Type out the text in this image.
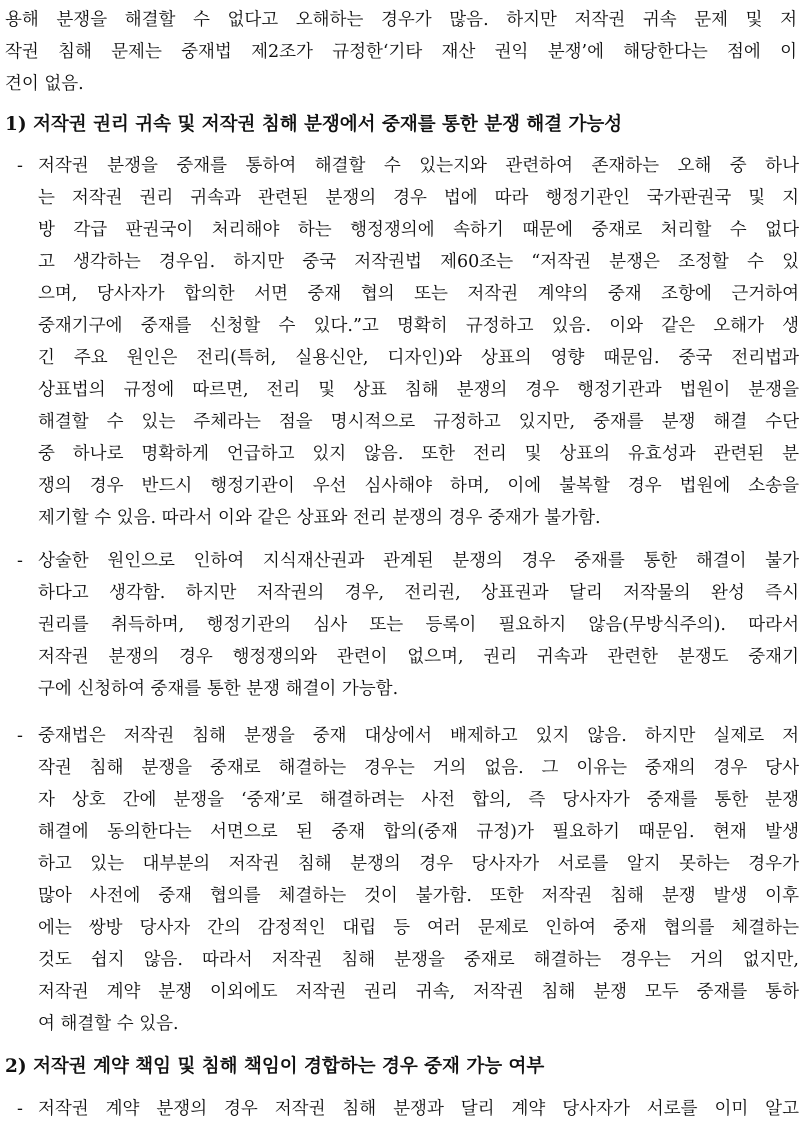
용해 분쟁을 해결할 수 없다고 오해하는 경우가 많음. 하지만 저작권 귀속 문제 및 저
작권 침해 문제는 중재법 제2조가 규정한‘기타 재산 권익 분쟁’에 해당한다는 점에 이
견이 없음.
1) 저작권 권리 귀속 및 저작권 침해 분쟁에서 중재를 통한 분쟁 해결 가능성
- 저작권 분쟁을 중재를 통하여 해결할 수 있는지와 관련하여 존재하는 오해 중 하나
는 저작권 권리 귀속과 관련된 분쟁의 경우 법에 따라 행정기관인 국가판권국 및 지
방 각급 판권국이 처리해야 하는 행정쟁의에 속하기 때문에 중재로 처리할 수 없다
고 생각하는 경우임. 하지만 중국 저작권법 제60조는 “저작권 분쟁은 조정할 수 있
으며, 당사자가 합의한 서면 중재 협의 또는 저작권 계약의 중재 조항에 근거하여
중재기구에 중재를 신청할 수 있다.”고 명확히 규정하고 있음. 이와 같은 오해가 생
긴 주요 원인은 전리(특허, 실용신안, 디자인)와 상표의 영향 때문임. 중국 전리법과
상표법의 규정에 따르면, 전리 및 상표 침해 분쟁의 경우 행정기관과 법원이 분쟁을
해결할 수 있는 주체라는 점을 명시적으로 규정하고 있지만, 중재를 분쟁 해결 수단
중 하나로 명확하게 언급하고 있지 않음. 또한 전리 및 상표의 유효성과 관련된 분
쟁의 경우 반드시 행정기관이 우선 심사해야 하며, 이에 불복할 경우 법원에 소송을
제기할 수 있음. 따라서 이와 같은 상표와 전리 분쟁의 경우 중재가 불가함.
- 상술한 원인으로 인하여 지식재산권과 관계된 분쟁의 경우 중재를 통한 해결이 불가
하다고 생각함. 하지만 저작권의 경우, 전리권, 상표권과 달리 저작물의 완성 즉시
권리를 취득하며, 행정기관의 심사 또는 등록이 필요하지 않음(무방식주의). 따라서
저작권 분쟁의 경우 행정쟁의와 관련이 없으며, 권리 귀속과 관련한 분쟁도 중재기
구에 신청하여 중재를 통한 분쟁 해결이 가능함.
- 중재법은 저작권 침해 분쟁을 중재 대상에서 배제하고 있지 않음. 하지만 실제로 저
작권 침해 분쟁을 중재로 해결하는 경우는 거의 없음. 그 이유는 중재의 경우 당사
자 상호 간에 분쟁을 ‘중재’로 해결하려는 사전 합의, 즉 당사자가 중재를 통한 분쟁
해결에 동의한다는 서면으로 된 중재 합의(중재 규정)가 필요하기 때문임. 현재 발생
하고 있는 대부분의 저작권 침해 분쟁의 경우 당사자가 서로를 알지 못하는 경우가
많아 사전에 중재 협의를 체결하는 것이 불가함. 또한 저작권 침해 분쟁 발생 이후
에는 쌍방 당사자 간의 감정적인 대립 등 여러 문제로 인하여 중재 협의를 체결하는
것도 쉽지 않음. 따라서 저작권 침해 분쟁을 중재로 해결하는 경우는 거의 없지만,
저작권 계약 분쟁 이외에도 저작권 권리 귀속, 저작권 침해 분쟁 모두 중재를 통하
여 해결할 수 있음.
2) 저작권 계약 책임 및 침해 책임이 경합하는 경우 중재 가능 여부
- 저작권 계약 분쟁의 경우 저작권 침해 분쟁과 달리 계약 당사자가 서로를 이미 알고
